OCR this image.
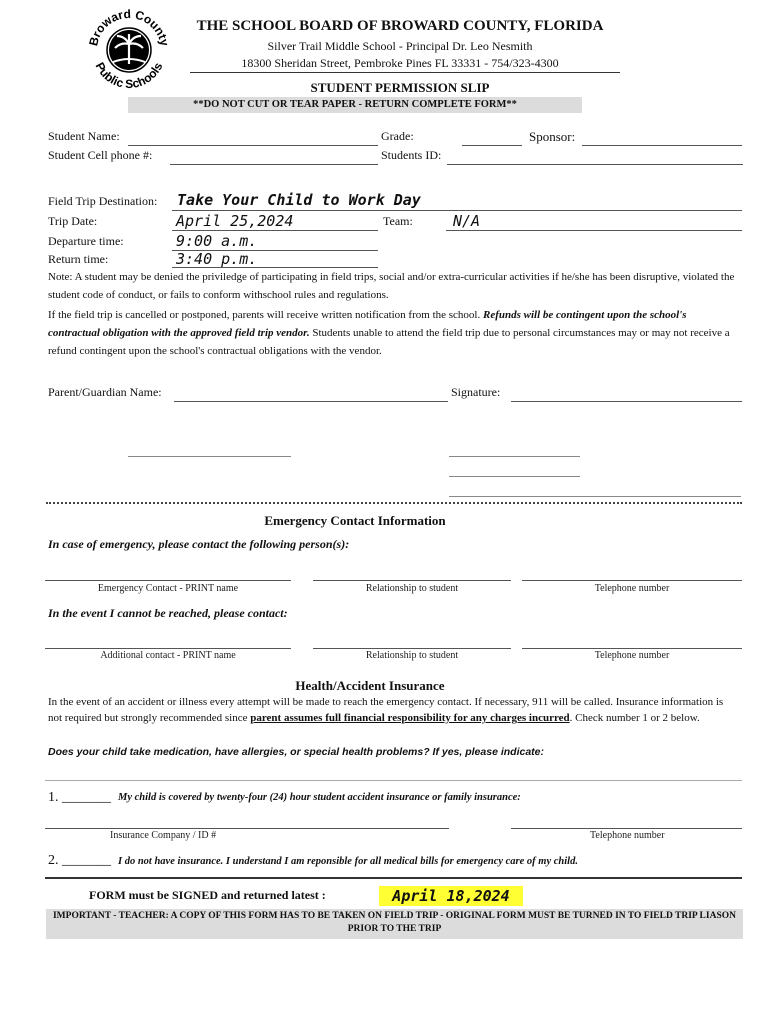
Broward County
Public Schools
THE SCHOOL BOARD OF BROWARD COUNTY, FLORIDA
Silver Trail Middle School - Principal Dr. Leo Nesmith
18300 Sheridan Street, Pembroke Pines FL 33331 - 754/323-4300
STUDENT PERMISSION SLIP
**DO NOT CUT OR TEAR PAPER - RETURN COMPLETE FORM**
Student Name:	Grade:	Sponsor:
Student Cell phone #:	Students ID:
Field Trip Destination: Take Your Child to Work Day
Trip Date:	April 25,2024	Team:	N/A
Departure time:	9:00 a.m.
Return time:	3:40 p.m.
Note: A student may be denied the priviledge of participating in field trips, social and/or extra-curricular activities if he/she has been disruptive, violated the student code of conduct, or fails to conform withschool rules and regulations.
If the field trip is cancelled or postponed, parents will receive written notification from the school. Refunds will be contingent upon the school's contractual obligation with the approved field trip vendor. Students unable to attend the field trip due to personal circumstances may or may not receive a refund contingent upon the school's contractual obligations with the vendor.
Parent/Guardian Name:	Signature:
Emergency Contact Information
In case of emergency, please contact the following person(s):
Emergency Contact - PRINT name	Relationship to student	Telephone number
In the event I cannot be reached, please contact:
Additional contact - PRINT name	Relationship to student	Telephone number
Health/Accident Insurance
In the event of an accident or illness every attempt will be made to reach the emergency contact. If necessary, 911 will be called. Insurance information is not required but strongly recommended since parent assumes full financial responsibility for any charges incurred. Check number 1 or 2 below.
Does your child take medication, have allergies, or special health problems? If yes, please indicate:
1. _______ My child is covered by twenty-four (24) hour student accident insurance or family insurance:
Insurance Company / ID #	Telephone number
2. _______ I do not have insurance. I understand I am reponsible for all medical bills for emergency care of my child.
FORM must be SIGNED and returned latest :	April 18,2024
IMPORTANT - TEACHER: A COPY OF THIS FORM HAS TO BE TAKEN ON FIELD TRIP - ORIGINAL FORM MUST BE TURNED IN TO FIELD TRIP LIASON PRIOR TO THE TRIP
